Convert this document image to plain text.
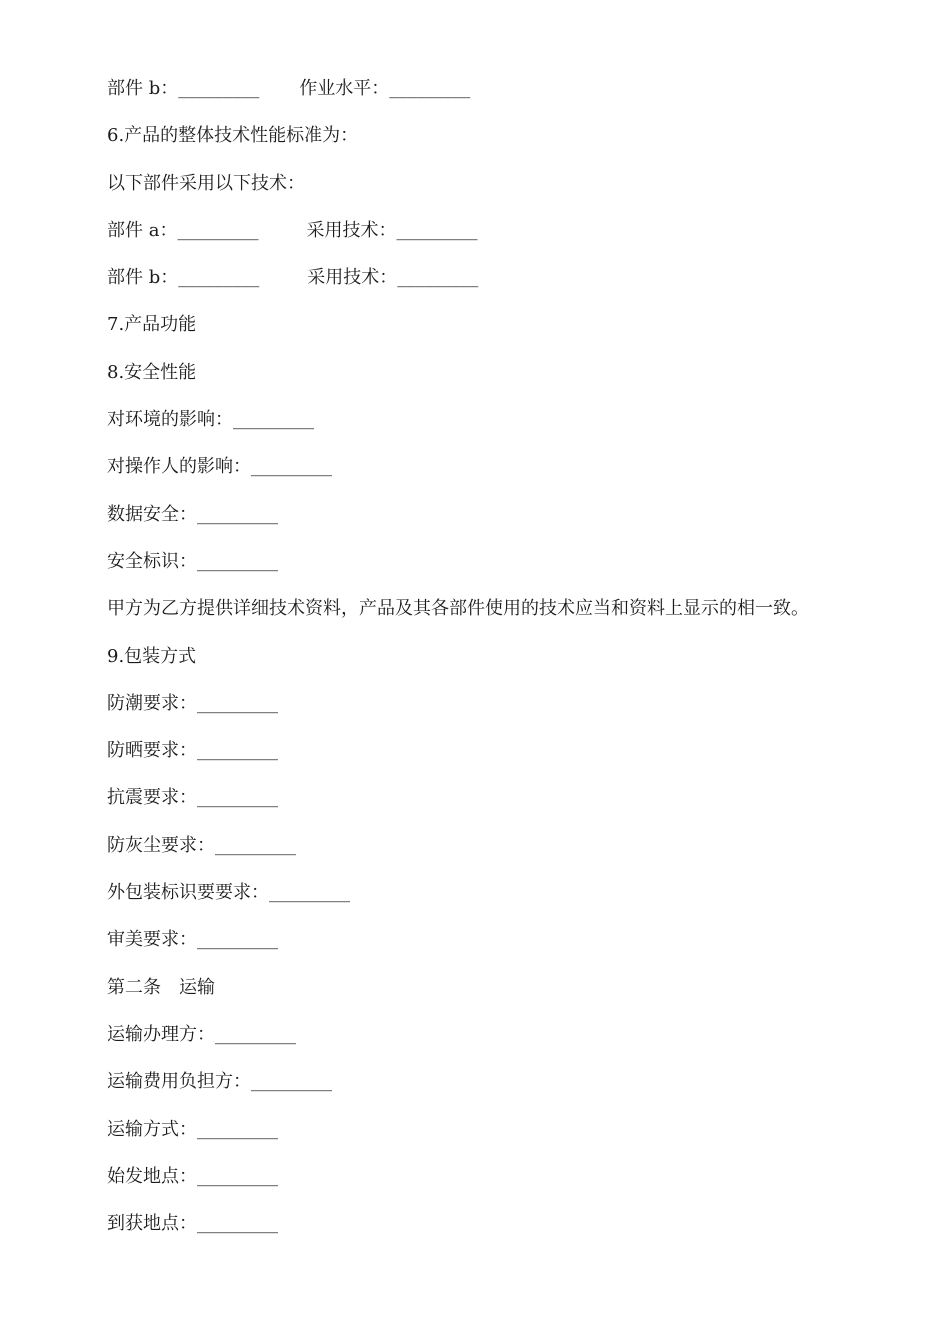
部件 b：_________ 作业水平：_________
6.产品的整体技术性能标准为：
以下部件采用以下技术：
部件 a：_________	采用技术：_________
部件 b：_________	采用技术：_________
7.产品功能
8.安全性能
对环境的影响：_________
对操作人的影响：_________
数据安全：_________
安全标识：_________
甲方为乙方提供详细技术资料，产品及其各部件使用的技术应当和资料上显示的相一致。
9.包装方式
防潮要求：_________
防晒要求：_________
抗震要求：_________
防灰尘要求：_________
外包装标识要要求：_________
审美要求：_________
第二条　运输
运输办理方：_________
运输费用负担方：_________
运输方式：_________
始发地点：_________
到获地点：_________
